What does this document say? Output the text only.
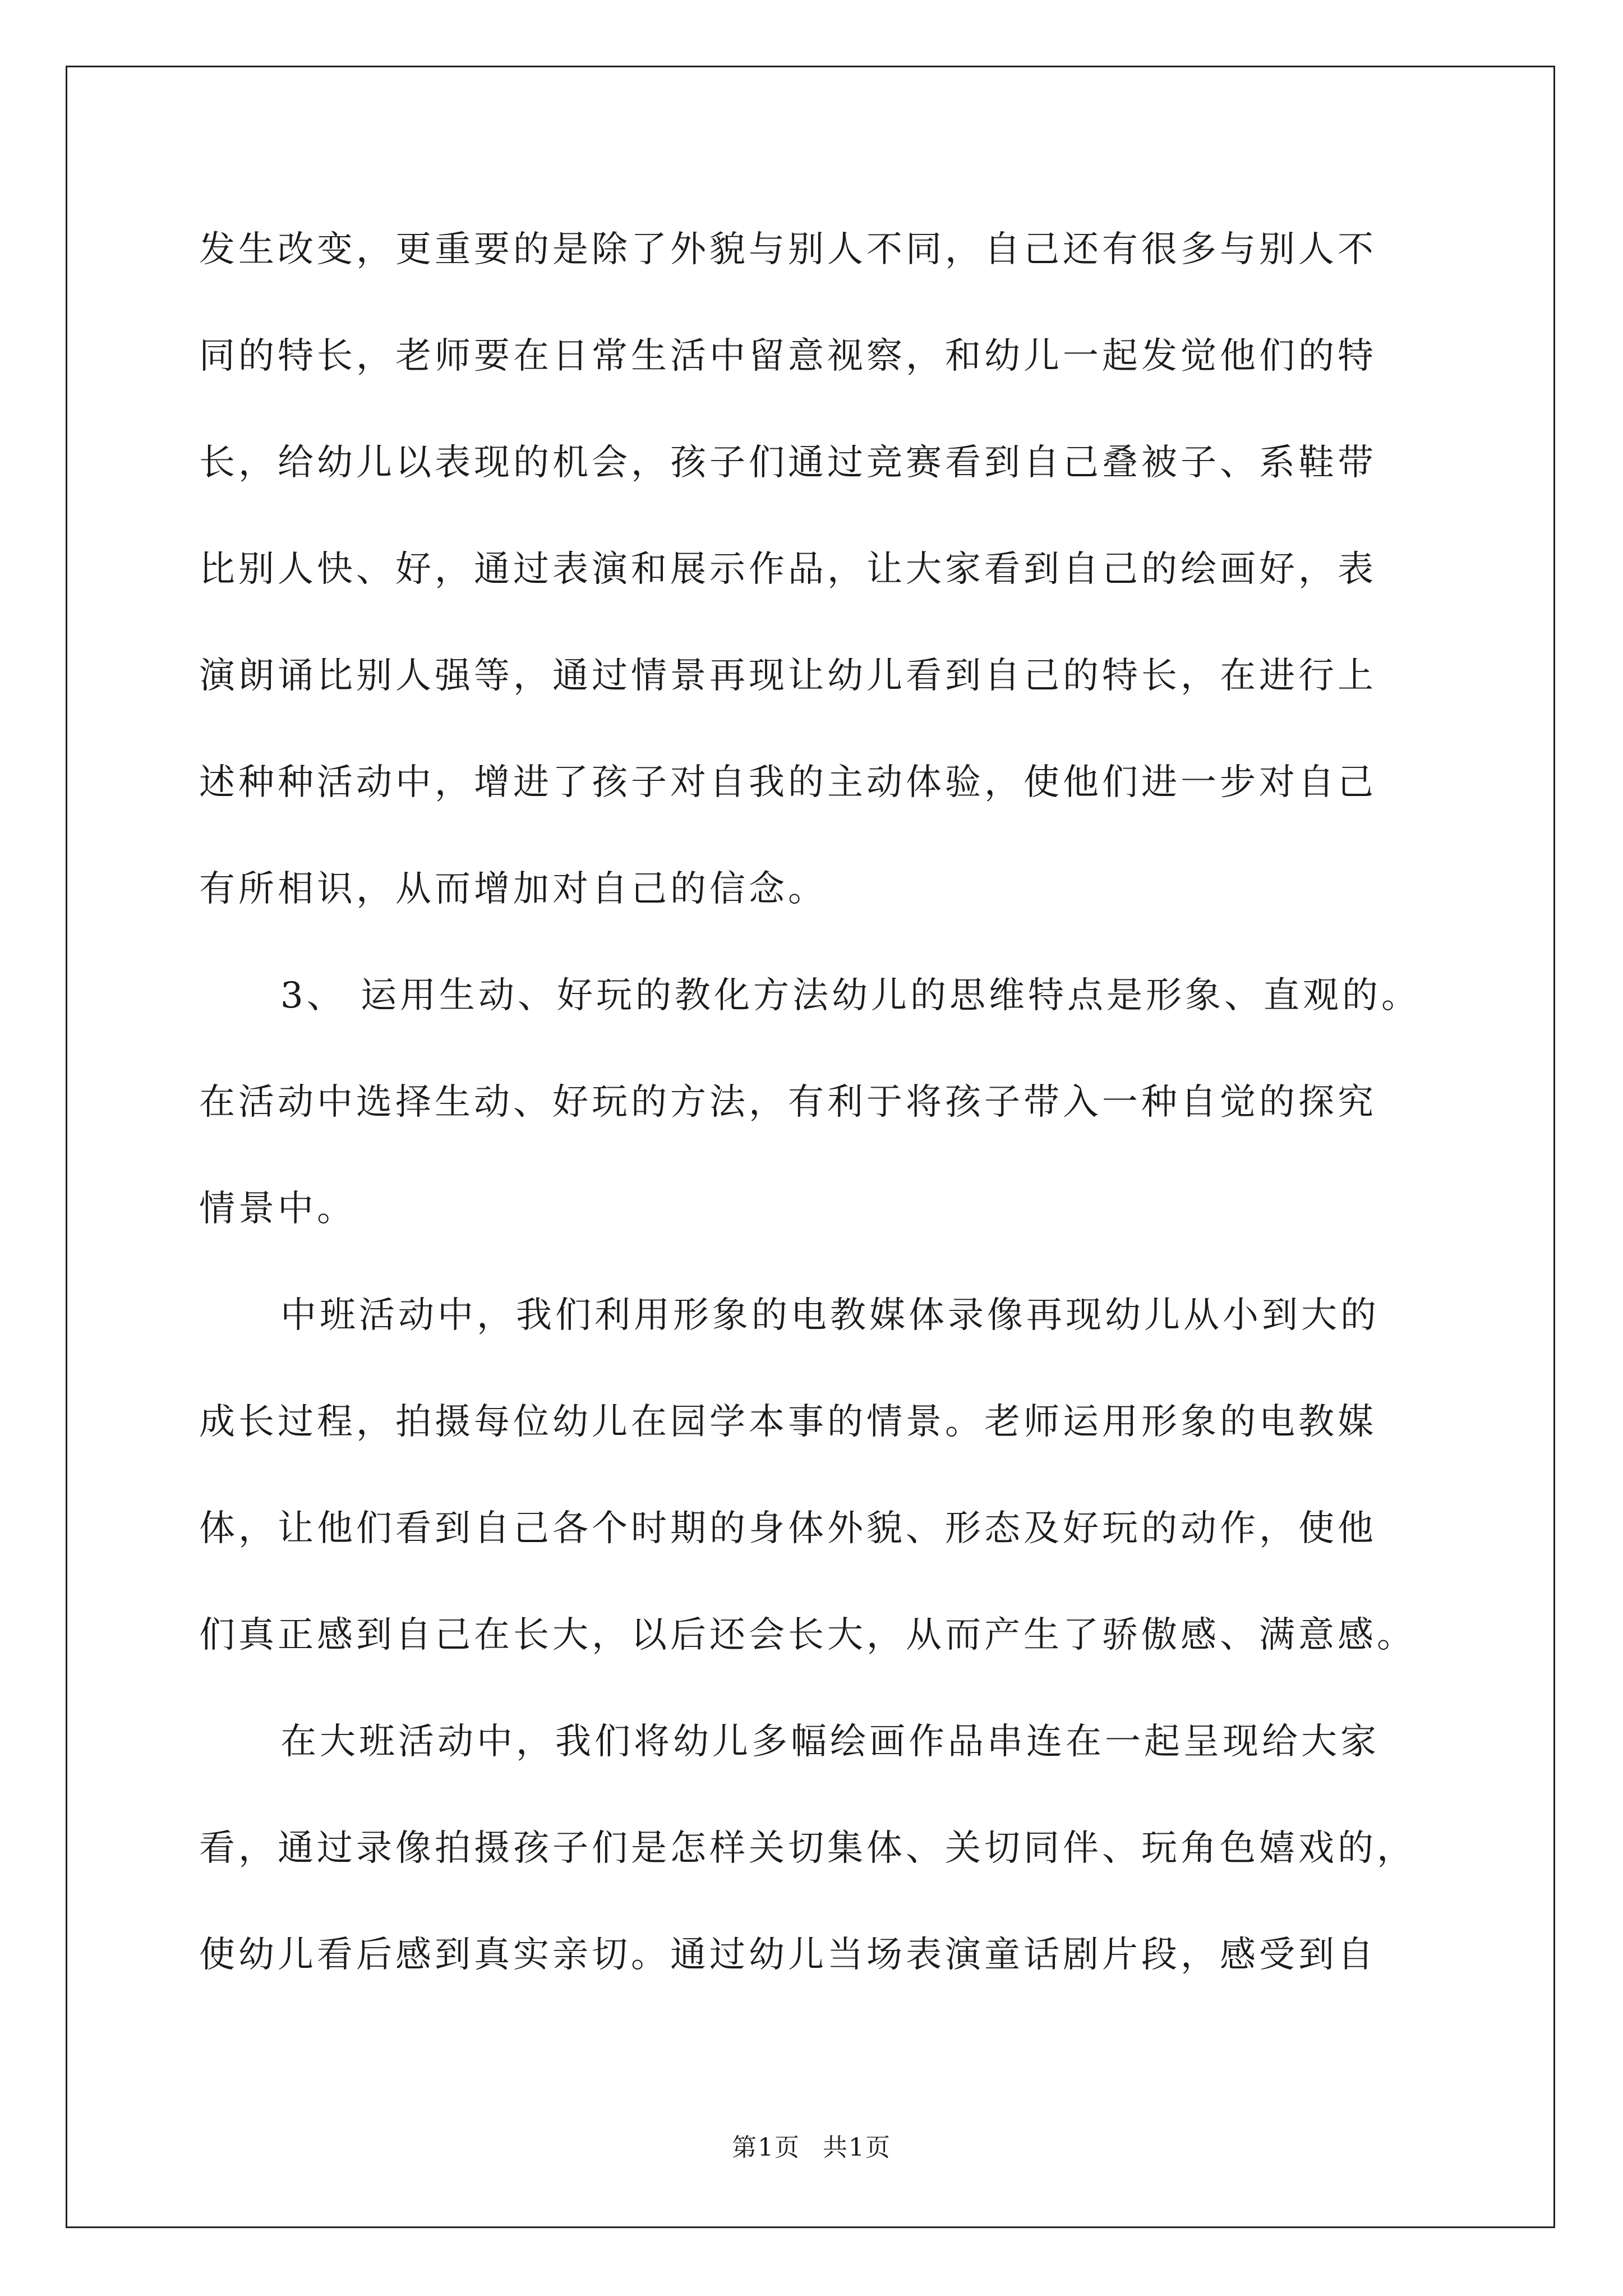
发生改变，更重要的是除了外貌与别人不同，自己还有很多与别人不
同的特长，老师要在日常生活中留意视察，和幼儿一起发觉他们的特
长，给幼儿以表现的机会，孩子们通过竞赛看到自己叠被子、系鞋带
比别人快、好，通过表演和展示作品，让大家看到自己的绘画好，表
演朗诵比别人强等，通过情景再现让幼儿看到自己的特长，在进行上
述种种活动中，增进了孩子对自我的主动体验，使他们进一步对自己
有所相识，从而增加对自己的信念。
3、 运用生动、好玩的教化方法幼儿的思维特点是形象、直观的。
在活动中选择生动、好玩的方法，有利于将孩子带入一种自觉的探究
情景中。
中班活动中，我们利用形象的电教媒体录像再现幼儿从小到大的
成长过程，拍摄每位幼儿在园学本事的情景。老师运用形象的电教媒
体，让他们看到自己各个时期的身体外貌、形态及好玩的动作，使他
们真正感到自己在长大，以后还会长大，从而产生了骄傲感、满意感。
在大班活动中，我们将幼儿多幅绘画作品串连在一起呈现给大家
看，通过录像拍摄孩子们是怎样关切集体、关切同伴、玩角色嬉戏的，
使幼儿看后感到真实亲切。通过幼儿当场表演童话剧片段，感受到自
第1页 共1页
